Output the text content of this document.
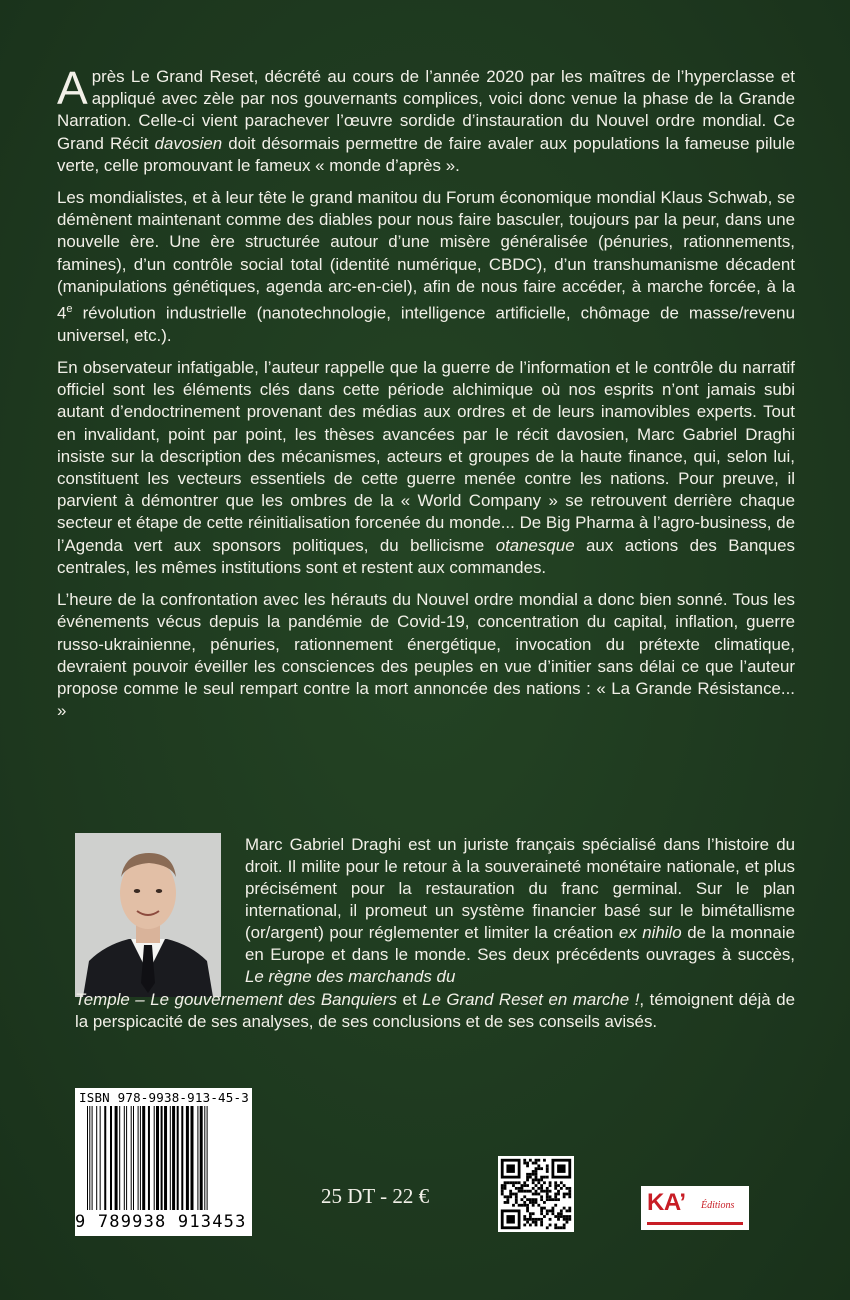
Après Le Grand Reset, décrété au cours de l’année 2020 par les maîtres de l’hyperclasse et appliqué avec zèle par nos gouvernants complices, voici donc venue la phase de la Grande Narration. Celle-ci vient parachever l’œuvre sordide d’instauration du Nouvel ordre mondial. Ce Grand Récit davosien doit désormais permettre de faire avaler aux populations la fameuse pilule verte, celle promouvant le fameux « monde d’après ».

Les mondialistes, et à leur tête le grand manitou du Forum économique mondial Klaus Schwab, se démènent maintenant comme des diables pour nous faire basculer, toujours par la peur, dans une nouvelle ère. Une ère structurée autour d’une misère généralisée (pénuries, rationnements, famines), d’un contrôle social total (identité numérique, CBDC), d’un transhumanisme décadent (manipulations génétiques, agenda arc-en-ciel), afin de nous faire accéder, à marche forcée, à la 4e révolution industrielle (nanotechnologie, intelligence artificielle, chômage de masse/revenu universel, etc.).

En observateur infatigable, l’auteur rappelle que la guerre de l’information et le contrôle du narratif officiel sont les éléments clés dans cette période alchimique où nos esprits n’ont jamais subi autant d’endoctrinement provenant des médias aux ordres et de leurs inamovibles experts. Tout en invalidant, point par point, les thèses avancées par le récit davosien, Marc Gabriel Draghi insiste sur la description des mécanismes, acteurs et groupes de la haute finance, qui, selon lui, constituent les vecteurs essentiels de cette guerre menée contre les nations. Pour preuve, il parvient à démontrer que les ombres de la « World Company » se retrouvent derrière chaque secteur et étape de cette réinitialisation forcenée du monde... De Big Pharma à l’agro-business, de l’Agenda vert aux sponsors politiques, du bellicisme otanesque aux actions des Banques centrales, les mêmes institutions sont et restent aux commandes.

L’heure de la confrontation avec les hérauts du Nouvel ordre mondial a donc bien sonné. Tous les événements vécus depuis la pandémie de Covid-19, concentration du capital, inflation, guerre russo-ukrainienne, pénuries, rationnement énergétique, invocation du prétexte climatique, devraient pouvoir éveiller les consciences des peuples en vue d’initier sans délai ce que l’auteur propose comme le seul rempart contre la mort annoncée des nations : « La Grande Résistance... »

Marc Gabriel Draghi est un juriste français spécialisé dans l’histoire du droit. Il milite pour le retour à la souveraineté monétaire nationale, et plus précisément pour la restauration du franc germinal. Sur le plan international, il promeut un système financier basé sur le bimétallisme (or/argent) pour réglementer et limiter la création ex nihilo de la monnaie en Europe et dans le monde. Ses deux précédents ouvrages à succès, Le règne des marchands du
Temple – Le gouvernement des Banquiers et Le Grand Reset en marche !, témoignent déjà de la perspicacité de ses analyses, de ses conclusions et de ses conseils avisés.
ISBN 978-9938-913-45-3
9 789938 913453
25 DT - 22 €	KA’ Éditions
